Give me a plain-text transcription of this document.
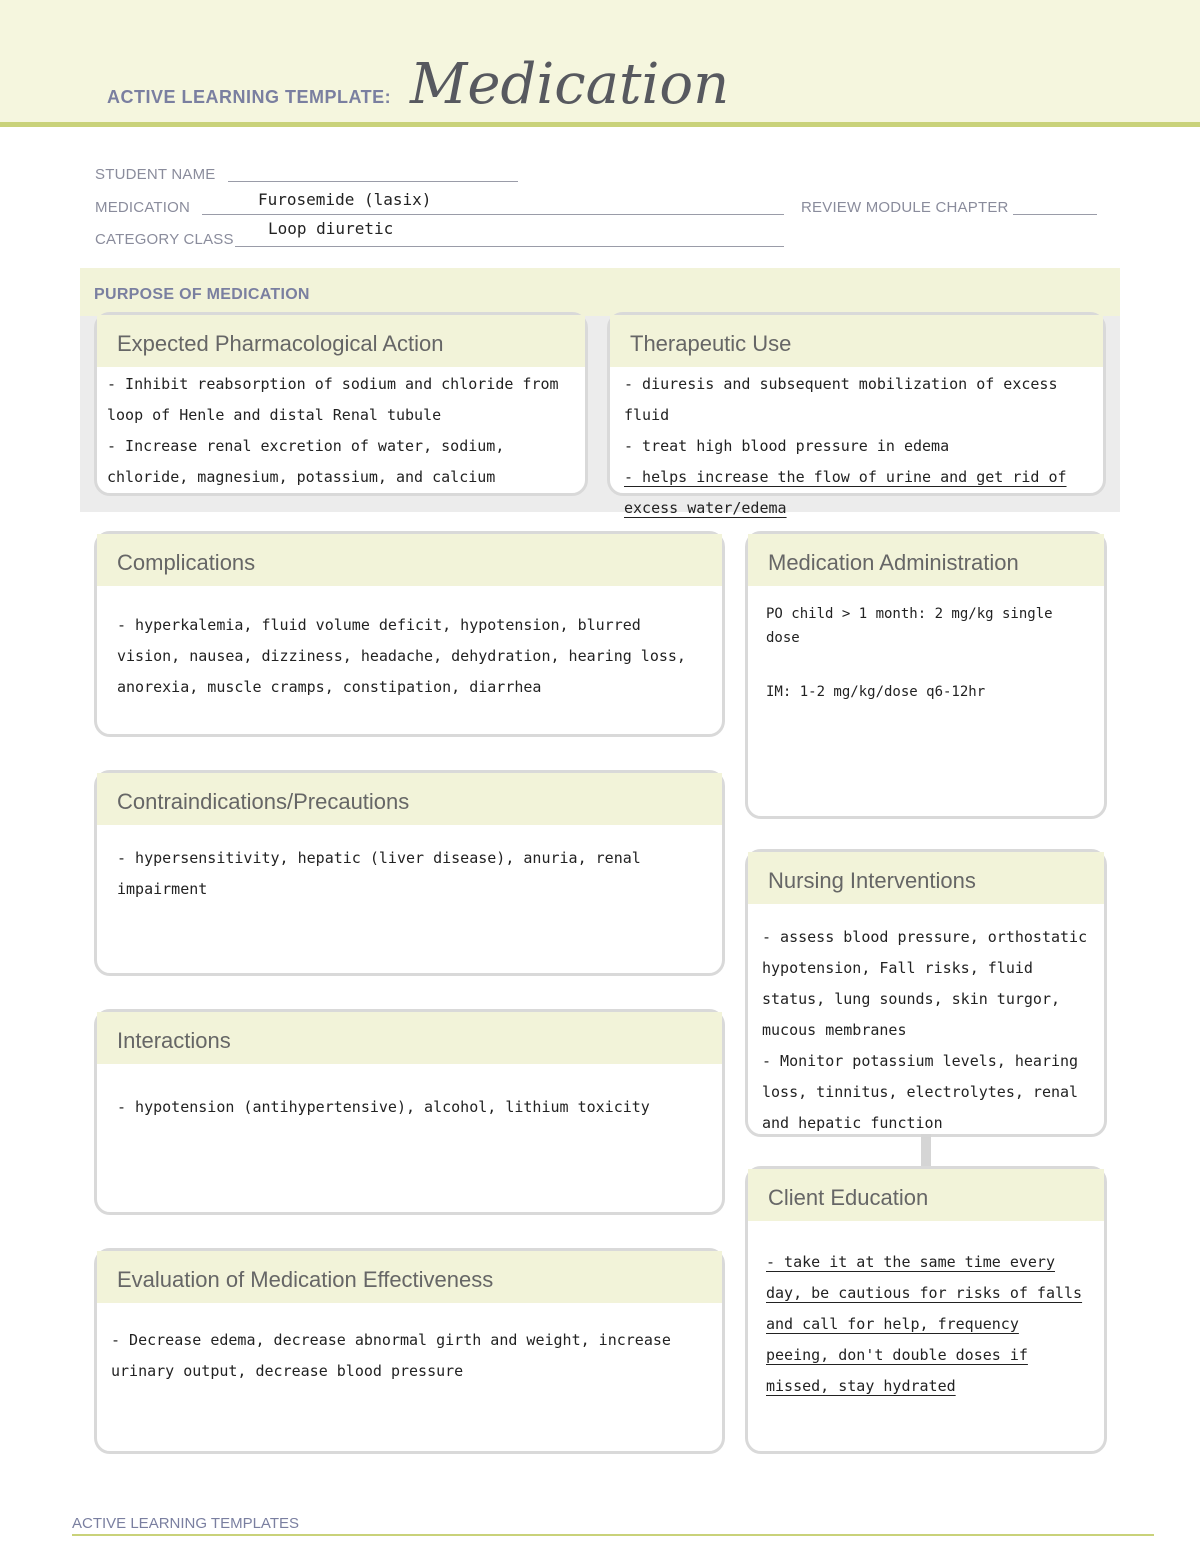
ACTIVE LEARNING TEMPLATE: Medication
STUDENT NAME
MEDICATION	Furosemide (lasix)	REVIEW MODULE CHAPTER
CATEGORY CLASS
Loop diuretic
PURPOSE OF MEDICATION
Expected Pharmacological Action

- Inhibit reabsorption of sodium and chloride from loop of Henle and distal Renal tubule

- Increase renal excretion of water, sodium, chloride, magnesium, potassium, and calcium

Therapeutic Use

- diuresis and subsequent mobilization of excess fluid

- treat high blood pressure in edema

- helps increase the flow of urine and get rid of excess water/edema

Complications
- hyperkalemia, fluid volume deficit, hypotension, blurred vision, nausea, dizziness, headache, dehydration, hearing loss, anorexia, muscle cramps, constipation, diarrhea
Contraindications/Precautions
- hypersensitivity, hepatic (liver disease), anuria, renal impairment
Interactions
- hypotension (antihypertensive), alcohol, lithium toxicity
Evaluation of Medication Effectiveness
- Decrease edema, decrease abnormal girth and weight, increase urinary output, decrease blood pressure
Medication Administration

PO child > 1 month: 2 mg/kg single dose

IM: 1-2 mg/kg/dose q6-12hr

Nursing Interventions

- assess blood pressure, orthostatic hypotension, Fall risks, fluid status, lung sounds, skin turgor, mucous membranes

- Monitor potassium levels, hearing loss, tinnitus, electrolytes, renal and hepatic function

Client Education

- take it at the same time every day, be cautious for risks of falls and call for help, frequency peeing, don't double doses if missed, stay hydrated

ACTIVE LEARNING TEMPLATES
